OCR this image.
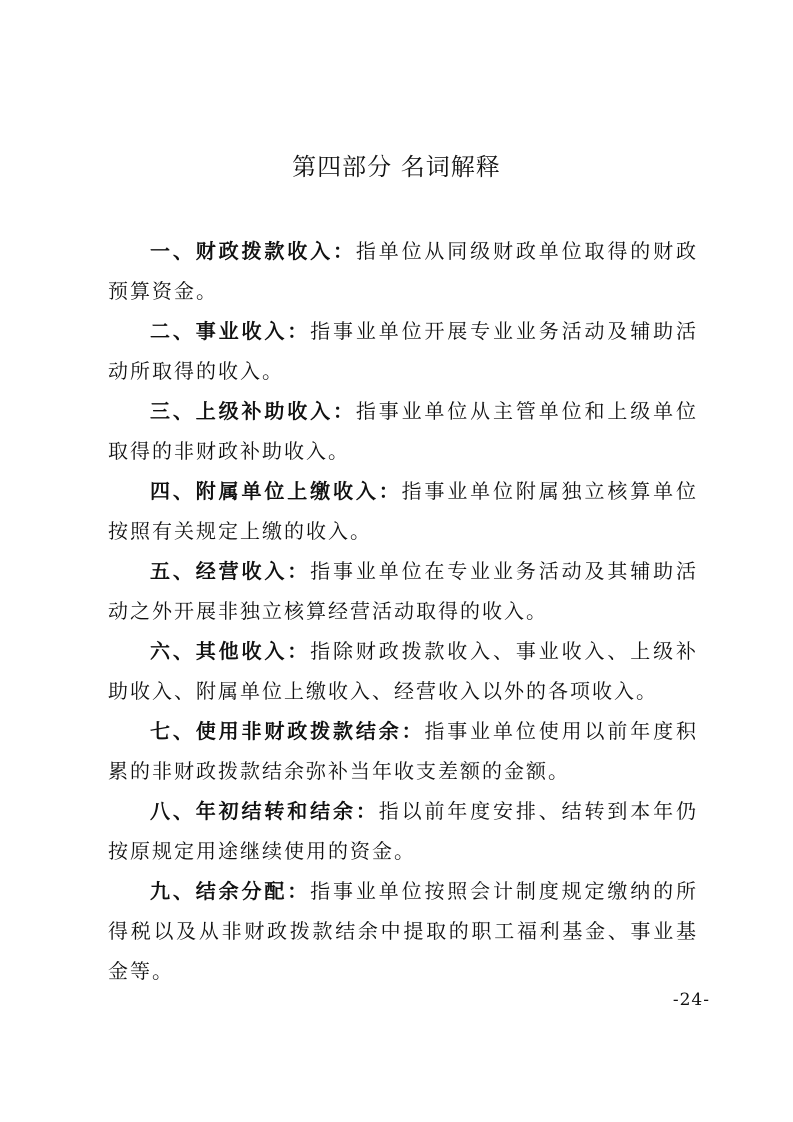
第四部分 名词解释

一、财政拨款收入：指单位从同级财政单位取得的财政预算资金。

二、事业收入：指事业单位开展专业业务活动及辅助活动所取得的收入。

三、上级补助收入：指事业单位从主管单位和上级单位取得的非财政补助收入。

四、附属单位上缴收入：指事业单位附属独立核算单位按照有关规定上缴的收入。

五、经营收入：指事业单位在专业业务活动及其辅助活动之外开展非独立核算经营活动取得的收入。

六、其他收入：指除财政拨款收入、事业收入、上级补助收入、附属单位上缴收入、经营收入以外的各项收入。

七、使用非财政拨款结余：指事业单位使用以前年度积累的非财政拨款结余弥补当年收支差额的金额。

八、年初结转和结余：指以前年度安排、结转到本年仍按原规定用途继续使用的资金。

九、结余分配：指事业单位按照会计制度规定缴纳的所得税以及从非财政拨款结余中提取的职工福利基金、事业基金等。

-24-
